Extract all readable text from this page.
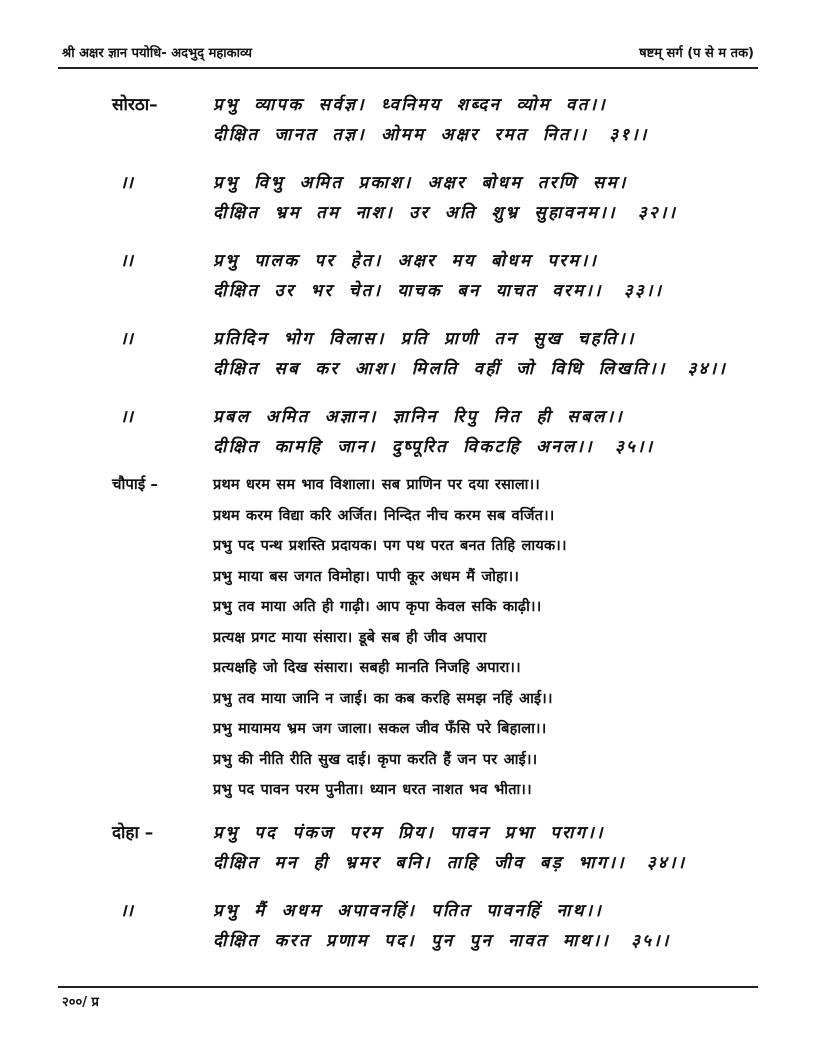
श्री अक्षर ज्ञान पयोधि- अदभुद् महाकाव्य	षष्टम् सर्ग (प से म तक)
सोरठा–	प्रभु व्यापक सर्वज्ञ। ध्वनिमय शब्दन व्योम वत।।
दीक्षित जानत तज्ञ। ओमम अक्षर रमत नित।। ३१।।
।।	प्रभु विभु अमित प्रकाश। अक्षर बोधम तरणि सम।
दीक्षित भ्रम तम नाश। उर अति शुभ्र सुहावनम।। ३२।।
।।	प्रभु पालक पर हेत। अक्षर मय बोधम परम।।
दीक्षित उर भर चेत। याचक बन याचत वरम।। ३३।।
।।	प्रतिदिन भोग विलास। प्रति प्राणी तन सुख चहति।।
दीक्षित सब कर आश। मिलति वहीं जो विधि लिखति।। ३४।।
।।	प्रबल अमित अज्ञान। ज्ञानिन रिपु नित ही सबल।।
दीक्षित कामहि जान। दुष्पूरित विकटहि अनल।। ३५।।
चौपाई –	प्रथम धरम सम भाव विशाला। सब प्राणिन पर दया रसाला।।
प्रथम करम विद्या करि अर्जित। निन्दित नीच करम सब वर्जित।।
प्रभु पद पन्थ प्रशस्ति प्रदायक। पग पथ परत बनत तिहि लायक।।
प्रभु माया बस जगत विमोहा। पापी कूर अधम मैं जोहा।।
प्रभु तव माया अति ही गाढ़ी। आप कृपा केवल सकि काढ़ी।।
प्रत्यक्ष प्रगट माया संसारा। डूबे सब ही जीव अपारा
प्रत्यक्षहि जो दिख संसारा। सबही मानति निजहि अपारा।।
प्रभु तव माया जानि न जाई। का कब करहि समझ नहिं आई।।
प्रभु मायामय भ्रम जग जाला। सकल जीव फँसि परे बिहाला।।
प्रभु की नीति रीति सुख दाई। कृपा करति हैं जन पर आई।।
प्रभु पद पावन परम पुनीता। ध्यान धरत नाशत भव भीता।।
दोहा –	प्रभु पद पंकज परम प्रिय। पावन प्रभा पराग।।
दीक्षित मन ही भ्रमर बनि। ताहि जीव बड़ भाग।। ३४।।
।।	प्रभु मैं अधम अपावनहिं। पतित पावनहिं नाथ।।
दीक्षित करत प्रणाम पद। पुन पुन नावत माथ।। ३५।।
२००/ प्र
